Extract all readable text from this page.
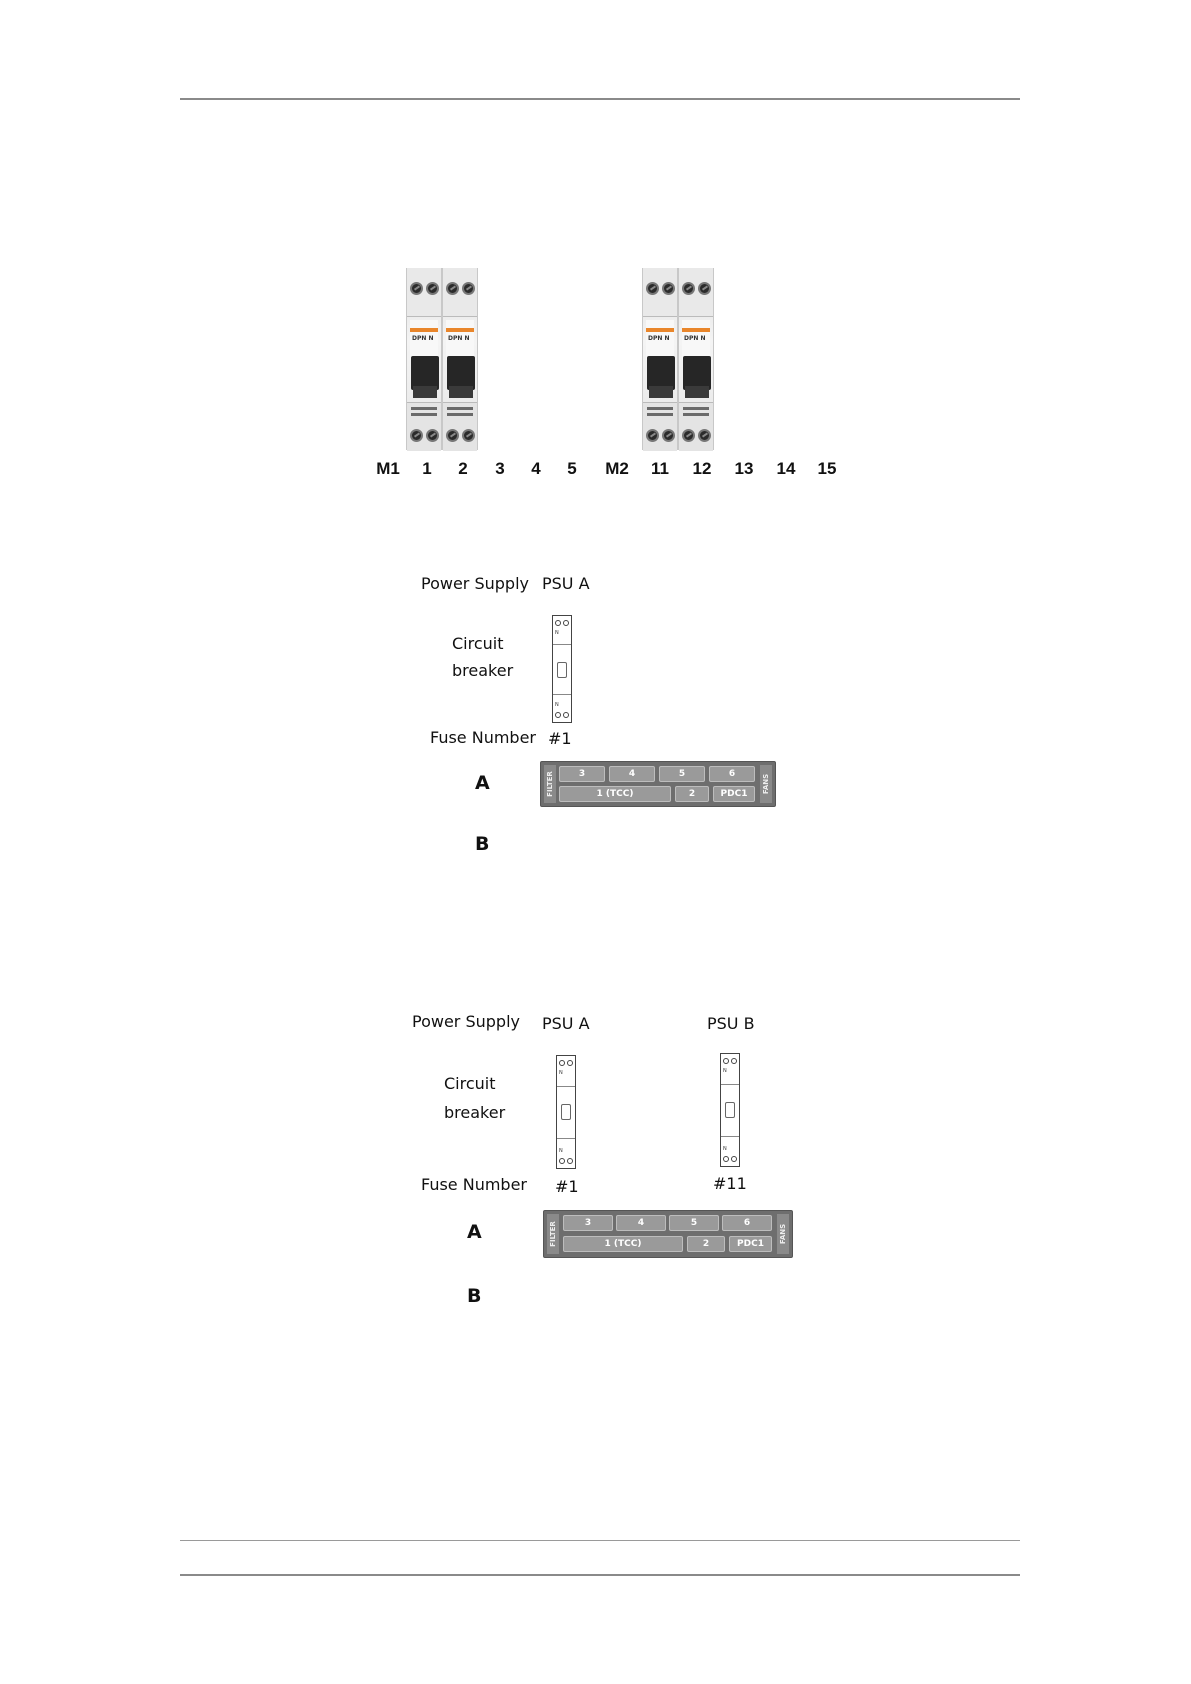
DPN N DPN N	DPN N DPN N
M1 1 2 3 4 5 M2 11 12 13 14 15
Power Supply PSU A
Circuit
breaker
N
N
Fuse Number #1
A
B
FILTER	FANS
3	4	5	6
1 (TCC)	2	PDC1
Power Supply PSU A	PSU B
Circuit
breaker
N
N
N
N
Fuse Number #1	#11
A
B
FILTER	FANS
3	4	5	6
1 (TCC)	2	PDC1
